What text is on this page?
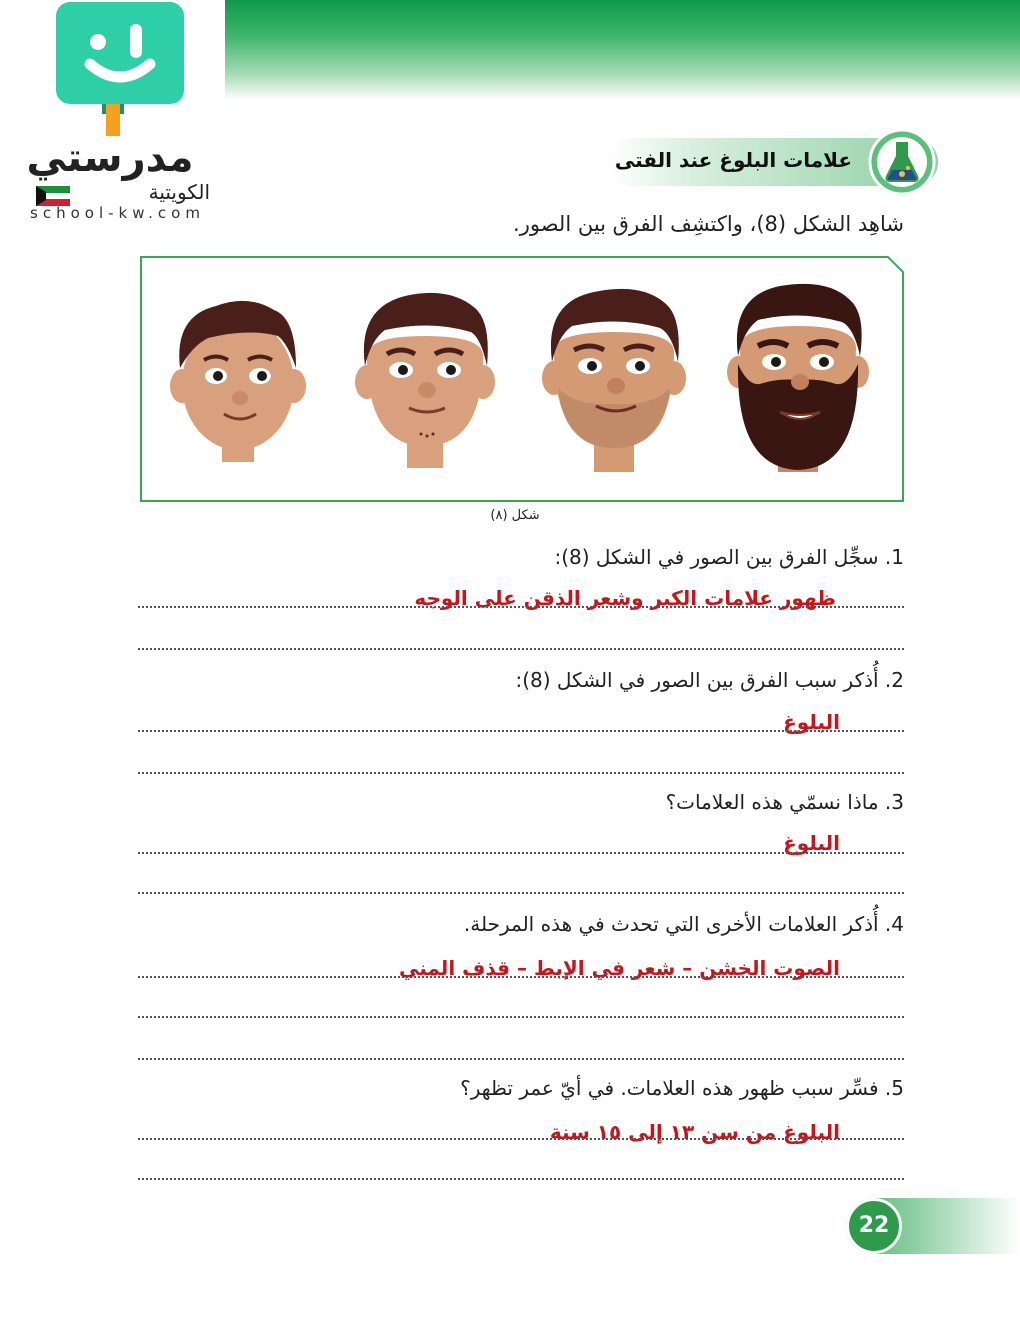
مدرستي
الكويتية
school-kw.com
علامات البلوغ عند الفتى
شاهِد الشكل (8)، واكتشِف الفرق بين الصور.
شكل (٨)
1. سجِّل الفرق بين الصور في الشكل (8):
ظهور علامات الكبر وشعر الذقن على الوجه
2. أُذكر سبب الفرق بين الصور في الشكل (8):
البلوغ
3. ماذا نسمّي هذه العلامات؟
البلوغ
4. أُذكر العلامات الأخرى التي تحدث في هذه المرحلة.
الصوت الخشن – شعر في الإبط – قذف المني
5. فسِّر سبب ظهور هذه العلامات. في أيّ عمر تظهر؟
البلوغ من سن ١٣ إلى ١٥ سنة
22
